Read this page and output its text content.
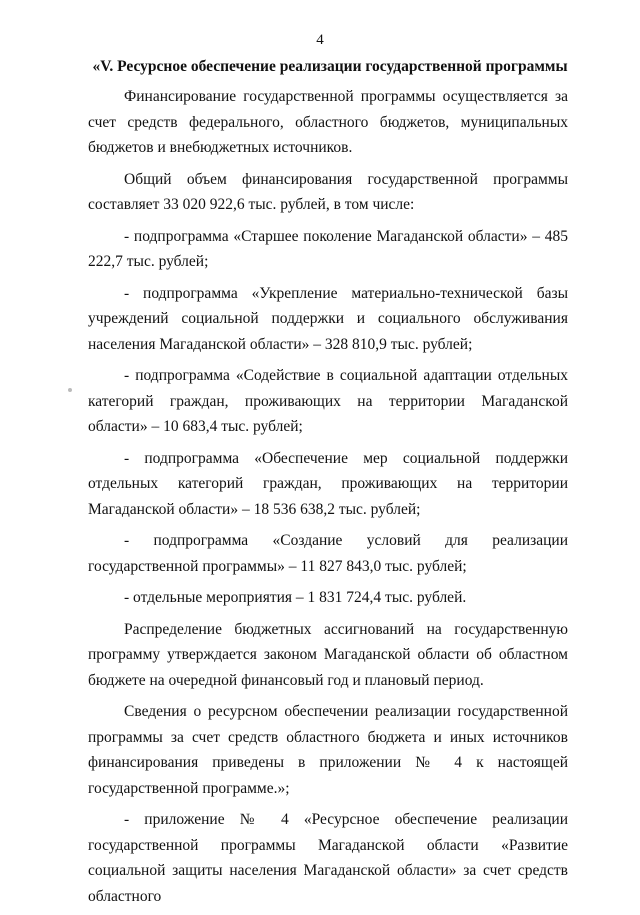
4
«V. Ресурсное обеспечение реализации государственной программы

Финансирование государственной программы осуществляется за счет средств федерального, областного бюджетов, муниципальных бюджетов и внебюджетных источников.

Общий объем финансирования государственной программы составляет 33 020 922,6 тыс. рублей, в том числе:

- подпрограмма «Старшее поколение Магаданской области» – 485 222,7 тыс. рублей;

- подпрограмма «Укрепление материально-технической базы учреждений социальной поддержки и социального обслуживания населения Магаданской области» – 328 810,9 тыс. рублей;

- подпрограмма «Содействие в социальной адаптации отдельных категорий граждан, проживающих на территории Магаданской области» – 10 683,4 тыс. рублей;

- подпрограмма «Обеспечение мер социальной поддержки отдельных категорий граждан, проживающих на территории Магаданской области» – 18 536 638,2 тыс. рублей;

- подпрограмма «Создание условий для реализации государственной программы» – 11 827 843,0 тыс. рублей;

- отдельные мероприятия – 1 831 724,4 тыс. рублей.

Распределение бюджетных ассигнований на государственную программу утверждается законом Магаданской области об областном бюджете на очередной финансовый год и плановый период.

Сведения о ресурсном обеспечении реализации государственной программы за счет средств областного бюджета и иных источников финансирования приведены в приложении № 4 к настоящей государственной программе.»;

- приложение № 4 «Ресурсное обеспечение реализации государственной программы Магаданской области «Развитие социальной защиты населения Магаданской области» за счет средств областного
